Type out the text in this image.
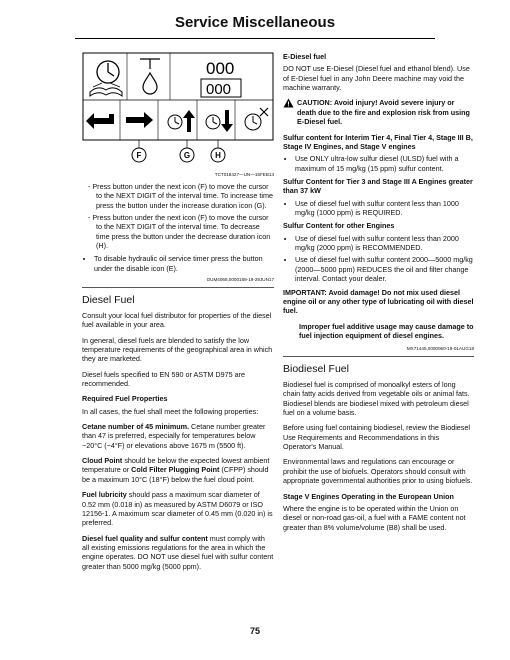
Service Miscellaneous
000
000
F	G	H
TCT018427—UN—15FEB14
- Press button under the next icon (F) to move the cursor to the NEXT DIGIT of the interval time. To increase time press the button under the increase duration icon (G).
- Press button under the next icon (F) to move the cursor to the NEXT DIGIT of the interval time. To decrease time press the button under the decrease duration icon (H).
• To disable hydraulic oil service timer press the button under the disable icon (E).
OUM4068,0000168-19-29JUN17
Diesel Fuel

Consult your local fuel distributor for properties of the diesel fuel available in your area.

In general, diesel fuels are blended to satisfy the low temperature requirements of the geographical area in which they are marketed.

Diesel fuels specified to EN 590 or ASTM D975 are recommended.

Required Fuel Properties

In all cases, the fuel shall meet the following properties:

Cetane number of 45 minimum. Cetane number greater than 47 is preferred, especially for temperatures below −20°C (−4°F) or elevations above 1675 m (5500 ft).

Cloud Point should be below the expected lowest ambient temperature or Cold Filter Plugging Point (CFPP) should be a maximum 10°C (18°F) below the fuel cloud point.

Fuel lubricity should pass a maximum scar diameter of 0.52 mm (0.018 in) as measured by ASTM D6079 or ISO 12156-1. A maximum scar diameter of 0.45 mm (0.020 in) is preferred.

Diesel fuel quality and sulfur content must comply with all existing emissions regulations for the area in which the engine operates. DO NOT use diesel fuel with sulfur content greater than 5000 mg/kg (5000 ppm).

E-Diesel fuel

DO NOT use E-Diesel (Diesel fuel and ethanol blend). Use of E-Diesel fuel in any John Deere machine may void the machine warranty.

CAUTION: Avoid injury! Avoid severe injury or death due to the fire and explosion risk from using E-Diesel fuel.
Sulfur content for Interim Tier 4, Final Tier 4, Stage III B, Stage IV Engines, and Stage V engines
• Use ONLY ultra-low sulfur diesel (ULSD) fuel with a maximum of 15 mg/kg (15 ppm) sulfur content.
Sulfur Content for Tier 3 and Stage III A Engines greater than 37 kW
• Use of diesel fuel with sulfur content less than 1000 mg/kg (1000 ppm) is REQUIRED.
Sulfur Content for other Engines
• Use of diesel fuel with sulfur content less than 2000 mg/kg (2000 ppm) is RECOMMENDED.
• Use of diesel fuel with sulfur content 2000—5000 mg/kg (2000—5000 ppm) REDUCES the oil and filter change interval. Contact your dealer.

IMPORTANT: Avoid damage! Do not mix used diesel engine oil or any other type of lubricating oil with diesel fuel.

Improper fuel additive usage may cause damage to fuel injection equipment of diesel engines.

MX71445,0000060-19-01AUG18
Biodiesel Fuel

Biodiesel fuel is comprised of monoalkyl esters of long chain fatty acids derived from vegetable oils or animal fats. Biodiesel blends are biodiesel mixed with petroleum diesel fuel on a volume basis.

Before using fuel containing biodiesel, review the Biodiesel Use Requirements and Recommendations in this Operator's Manual.

Environmental laws and regulations can encourage or prohibit the use of biofuels. Operators should consult with appropriate governmental authorities prior to using biofuels.

Stage V Engines Operating in the European Union

Where the engine is to be operated within the Union on diesel or non-road gas-oil, a fuel with a FAME content not greater than 8% volume/volume (B8) shall be used.

75
